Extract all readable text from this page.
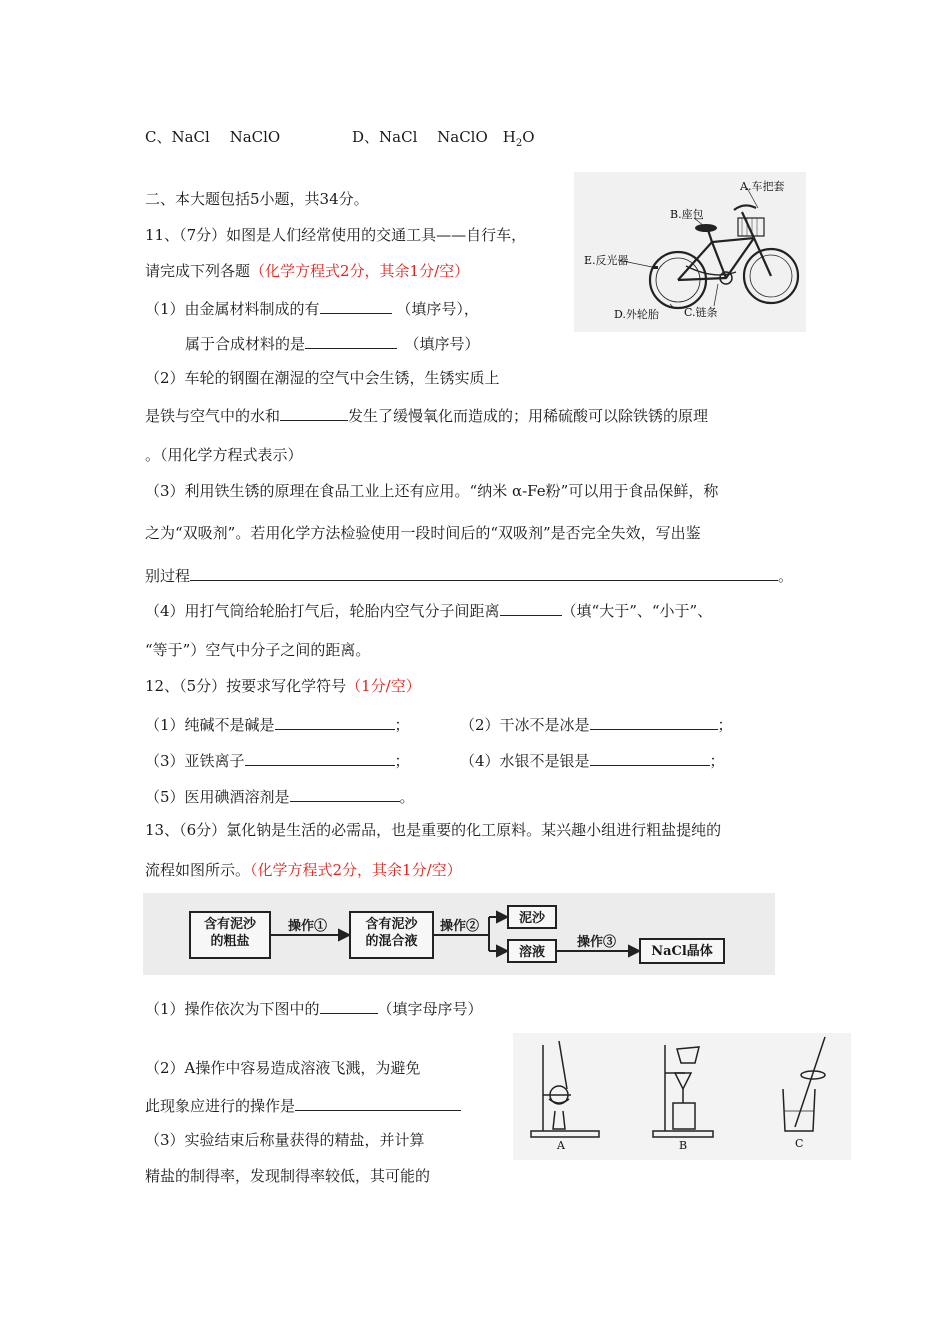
C、NaCl　 NaClO	D、NaCl　 NaClO　$H_2O$
二、本大题包括5小题，共34分。
11、（7分）如图是人们经常使用的交通工具——自行车，
请完成下列各题（化学方程式2分，其余1分/空）
（1）由金属材料制成的有	（填序号），
属于合成材料的是　	（填序号）
（2）车轮的钢圈在潮湿的空气中会生锈，生锈实质上
是铁与空气中的水和	发生了缓慢氧化而造成的；用稀硫酸可以除铁锈的原理
。（用化学方程式表示）
（3）利用铁生锈的原理在食品工业上还有应用。“纳米 α-Fe粉”可以用于食品保鲜，称
之为“双吸剂”。若用化学方法检验使用一段时间后的“双吸剂”是否完全失效，写出鉴
别过程	。
（4）用打气筒给轮胎打气后，轮胎内空气分子间距离	（填“大于”、“小于”、
“等于”）空气中分子之间的距离。
A.车把套
B.座包
E.反光器
D.外轮胎 C.链条
12、（5分）按要求写化学符号（1分/空）
（1）纯碱不是碱是	；	（2）干冰不是冰是	；
（3）亚铁离子	；	（4）水银不是银是	；
（5）医用碘酒溶剂是	。
13、（6分）氯化钠是生活的必需品，也是重要的化工原料。某兴趣小组进行粗盐提纯的
流程如图所示。（化学方程式2分，其余1分/空）
含有泥沙
的粗盐
操作①	含有泥沙
的混合液
操作②
泥沙
溶液
操作③
NaCl晶体
（1）操作依次为下图中的	（填字母序号）
（2）A操作中容易造成溶液飞溅，为避免
此现象应进行的操作是
（3）实验结束后称量获得的精盐，并计算
精盐的制得率，发现制得率较低，其可能的
A	B	C
